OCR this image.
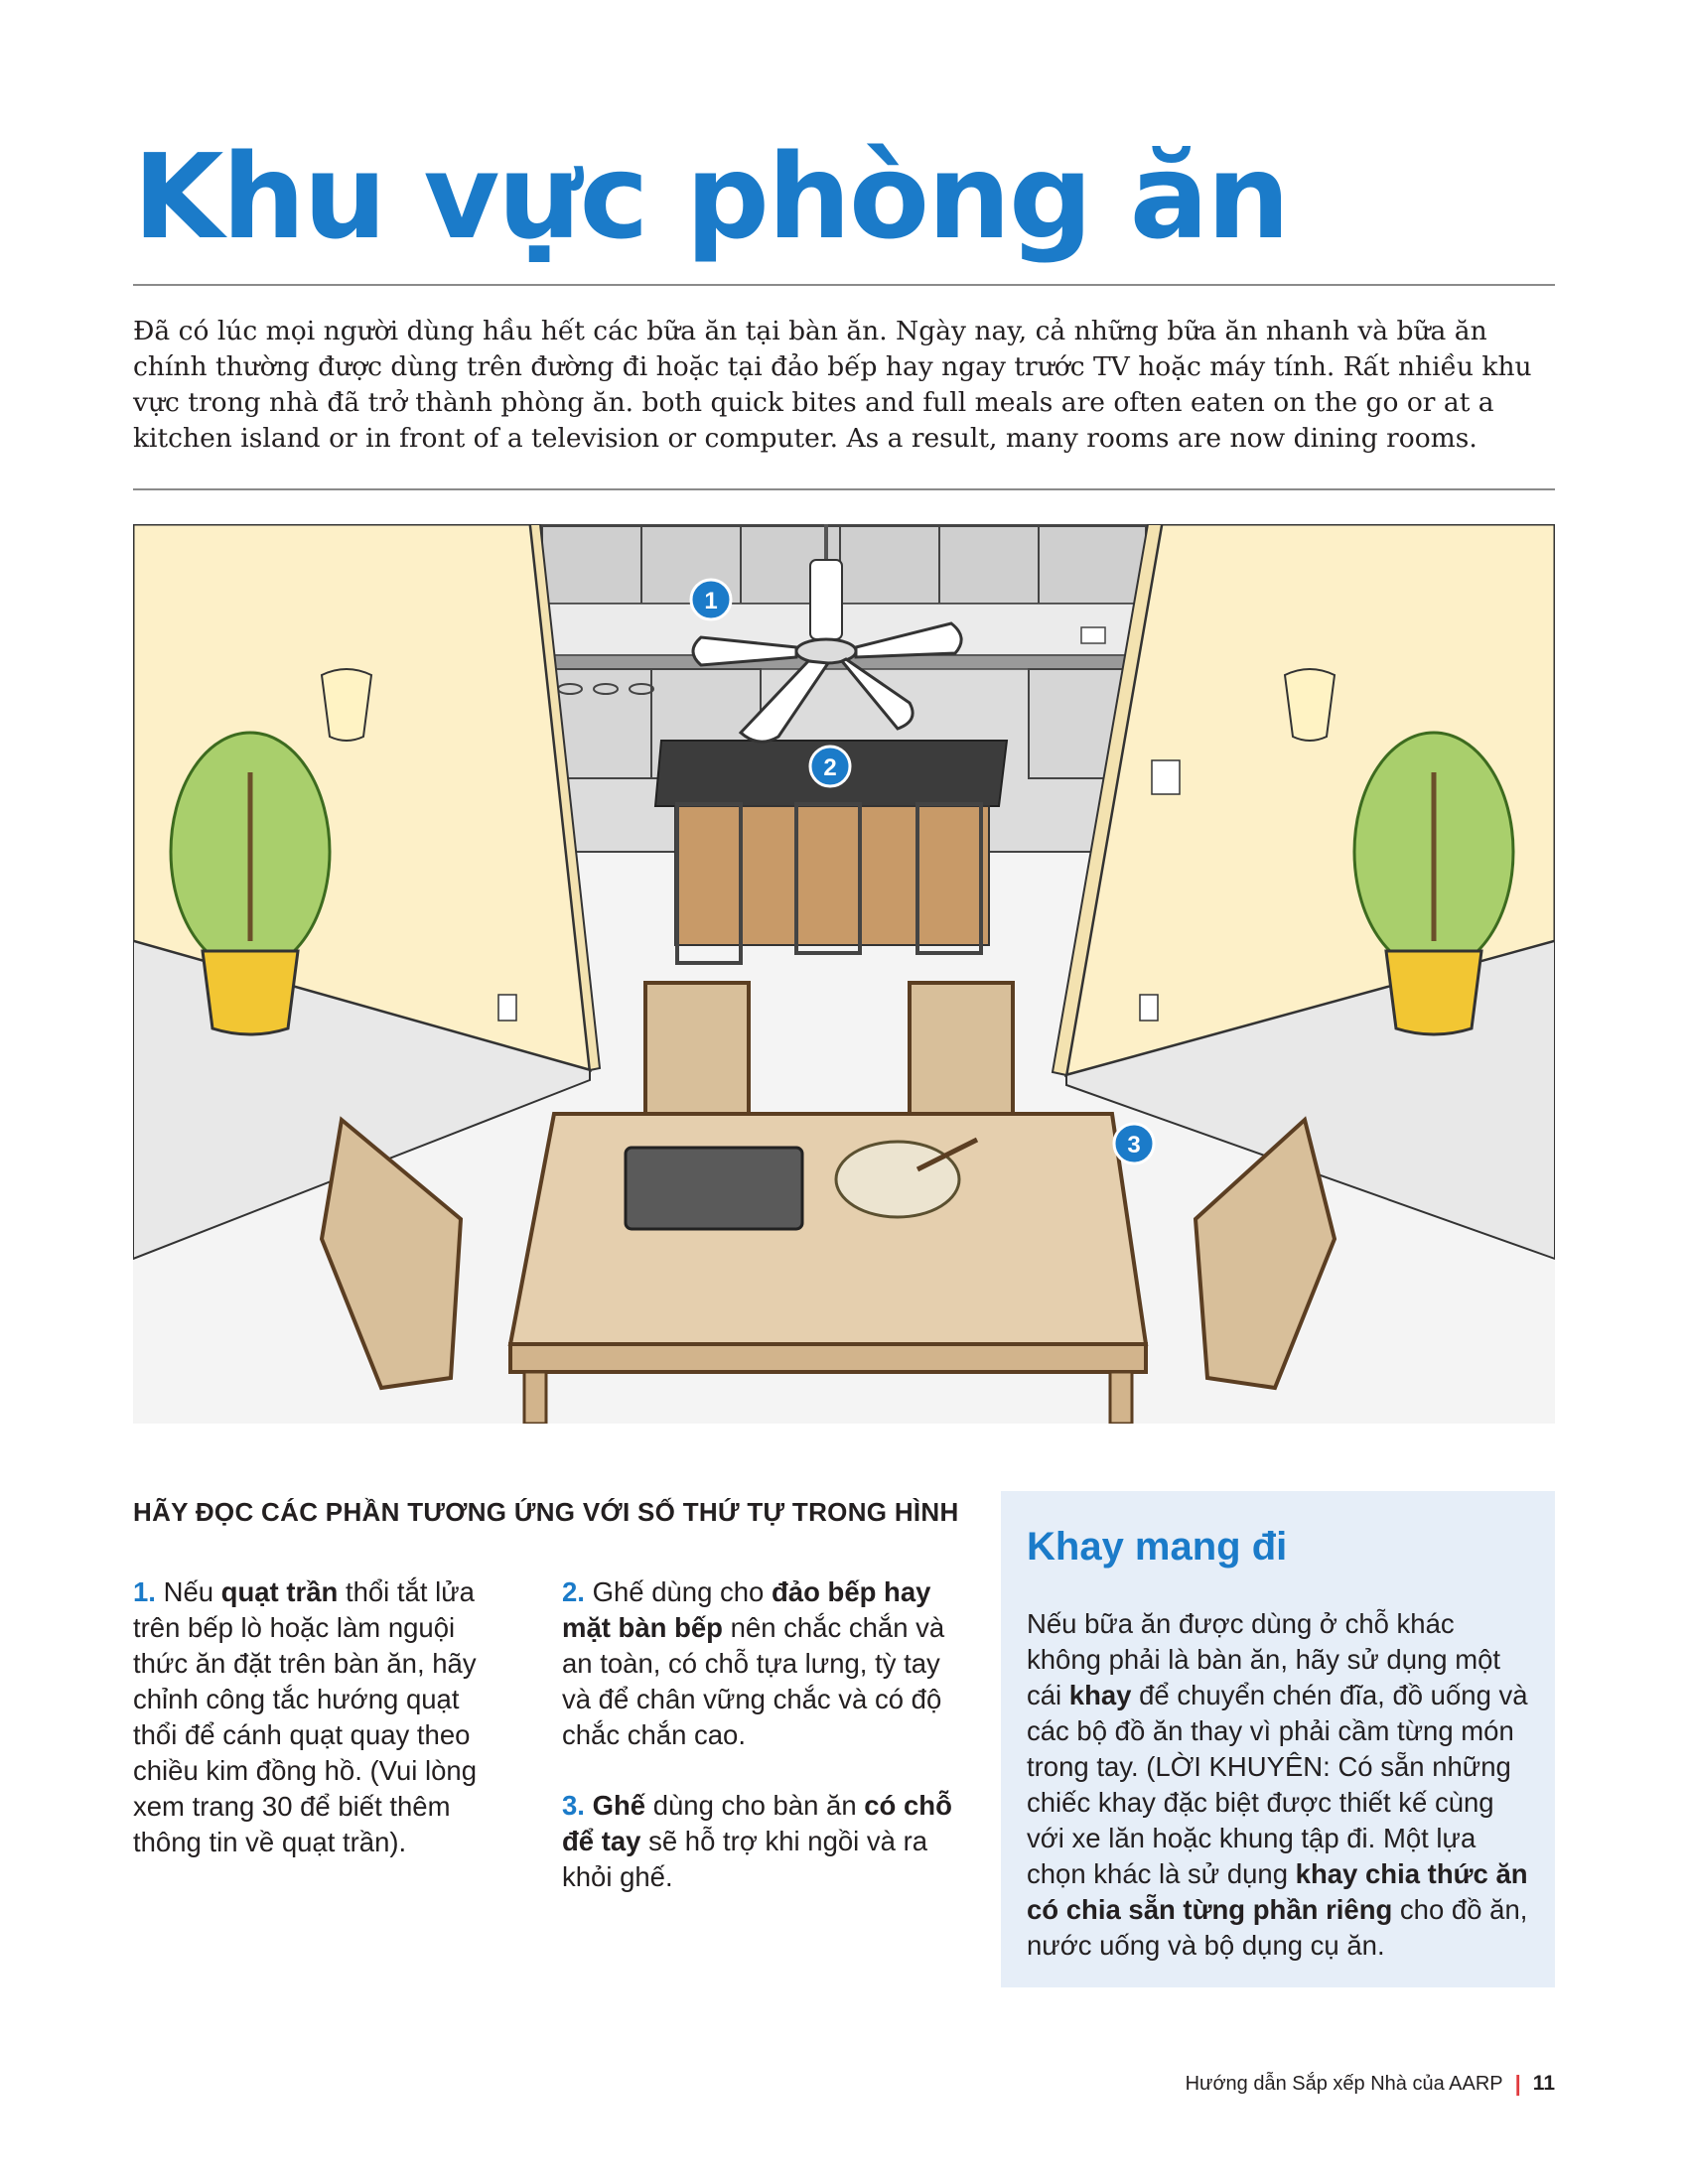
Khu vực phòng ăn

Đã có lúc mọi người dùng hầu hết các bữa ăn tại bàn ăn. Ngày nay, cả những bữa ăn nhanh và bữa ăn chính thường được dùng trên đường đi hoặc tại đảo bếp hay ngay trước TV hoặc máy tính. Rất nhiều khu vực trong nhà đã trở thành phòng ăn. both quick bites and full meals are often eaten on the go or at a kitchen island or in front of a television or computer. As a result, many rooms are now dining rooms.

1
2
3
HÃY ĐỌC CÁC PHẦN TƯƠNG ỨNG VỚI SỐ THỨ TỰ TRONG HÌNH

1. Nếu quạt trần thổi tắt lửa trên bếp lò hoặc làm nguội thức ăn đặt trên bàn ăn, hãy chỉnh công tắc hướng quạt thổi để cánh quạt quay theo chiều kim đồng hồ. (Vui lòng xem trang 30 để biết thêm thông tin về quạt trần).

2. Ghế dùng cho đảo bếp hay mặt bàn bếp nên chắc chắn và an toàn, có chỗ tựa lưng, tỳ tay và để chân vững chắc và có độ chắc chắn cao.

3. Ghế dùng cho bàn ăn có chỗ để tay sẽ hỗ trợ khi ngồi và ra khỏi ghế.

Khay mang đi

Nếu bữa ăn được dùng ở chỗ khác không phải là bàn ăn, hãy sử dụng một cái khay để chuyển chén đĩa, đồ uống và các bộ đồ ăn thay vì phải cầm từng món trong tay. (LỜI KHUYÊN: Có sẵn những chiếc khay đặc biệt được thiết kế cùng với xe lăn hoặc khung tập đi. Một lựa chọn khác là sử dụng khay chia thức ăn có chia sẵn từng phần riêng cho đồ ăn, nước uống và bộ dụng cụ ăn.

Hướng dẫn Sắp xếp Nhà của AARP | 11
